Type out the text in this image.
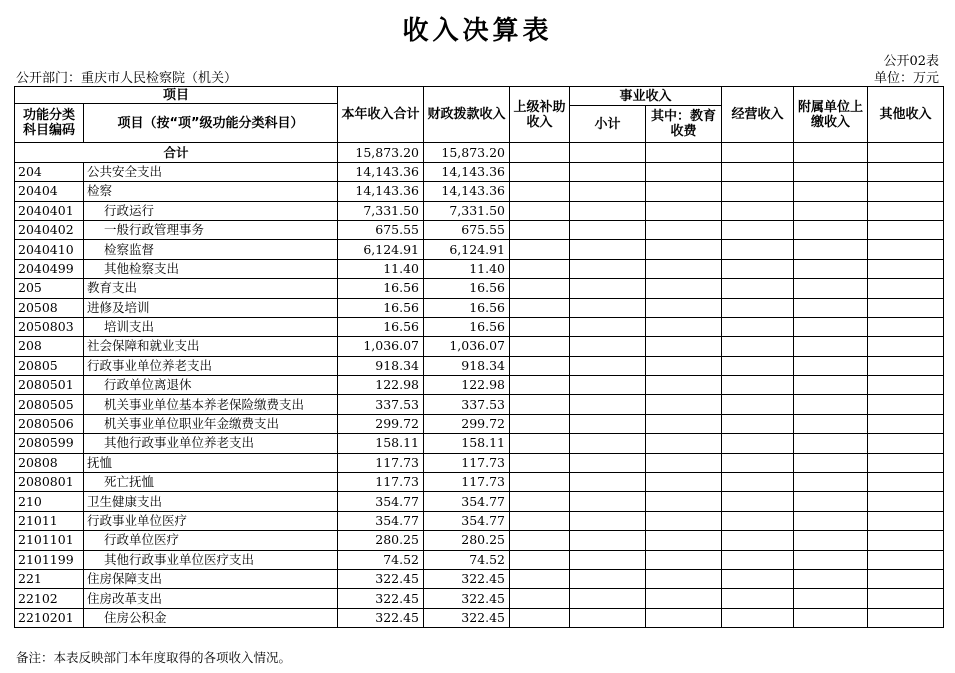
收入决算表
公开02表
公开部门：重庆市人民检察院（机关）	单位：万元
项目		本年收入合计	财政拨款收入	上级补助收入	事业收入		经营收入	附属单位上缴收入	其他收入
功能分类科目编码	项目（按“项”级功能分类科目）								
					小计	其中：教育收费			
合计		15,873.20	15,873.20						
204	公共安全支出	14,143.36	14,143.36						
20404	检察	14,143.36	14,143.36						
2040401	行政运行	7,331.50	7,331.50						
2040402	一般行政管理事务	675.55	675.55						
2040410	检察监督	6,124.91	6,124.91						
2040499	其他检察支出	11.40	11.40						
205	教育支出	16.56	16.56						
20508	进修及培训	16.56	16.56						
2050803	培训支出	16.56	16.56						
208	社会保障和就业支出	1,036.07	1,036.07						
20805	行政事业单位养老支出	918.34	918.34						
2080501	行政单位离退休	122.98	122.98						
2080505	机关事业单位基本养老保险缴费支出	337.53	337.53						
2080506	机关事业单位职业年金缴费支出	299.72	299.72						
2080599	其他行政事业单位养老支出	158.11	158.11						
20808	抚恤	117.73	117.73						
2080801	死亡抚恤	117.73	117.73						
210	卫生健康支出	354.77	354.77						
21011	行政事业单位医疗	354.77	354.77						
2101101	行政单位医疗	280.25	280.25						
2101199	其他行政事业单位医疗支出	74.52	74.52						
221	住房保障支出	322.45	322.45						
22102	住房改革支出	322.45	322.45						
2210201	住房公积金	322.45	322.45						
备注：本表反映部门本年度取得的各项收入情况。
